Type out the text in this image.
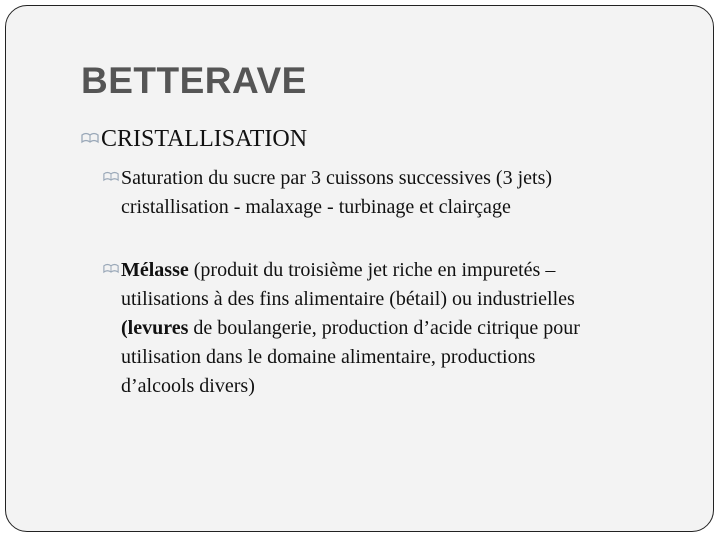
BETTERAVE
CRISTALLISATION
Saturation du sucre par 3 cuissons successives (3 jets)
cristallisation - malaxage - turbinage et clairçage
Mélasse (produit du troisième jet riche en impuretés –
utilisations à des fins alimentaire (bétail) ou industrielles
(levures de boulangerie, production d’acide citrique pour
utilisation dans le domaine alimentaire, productions
d’alcools divers)
